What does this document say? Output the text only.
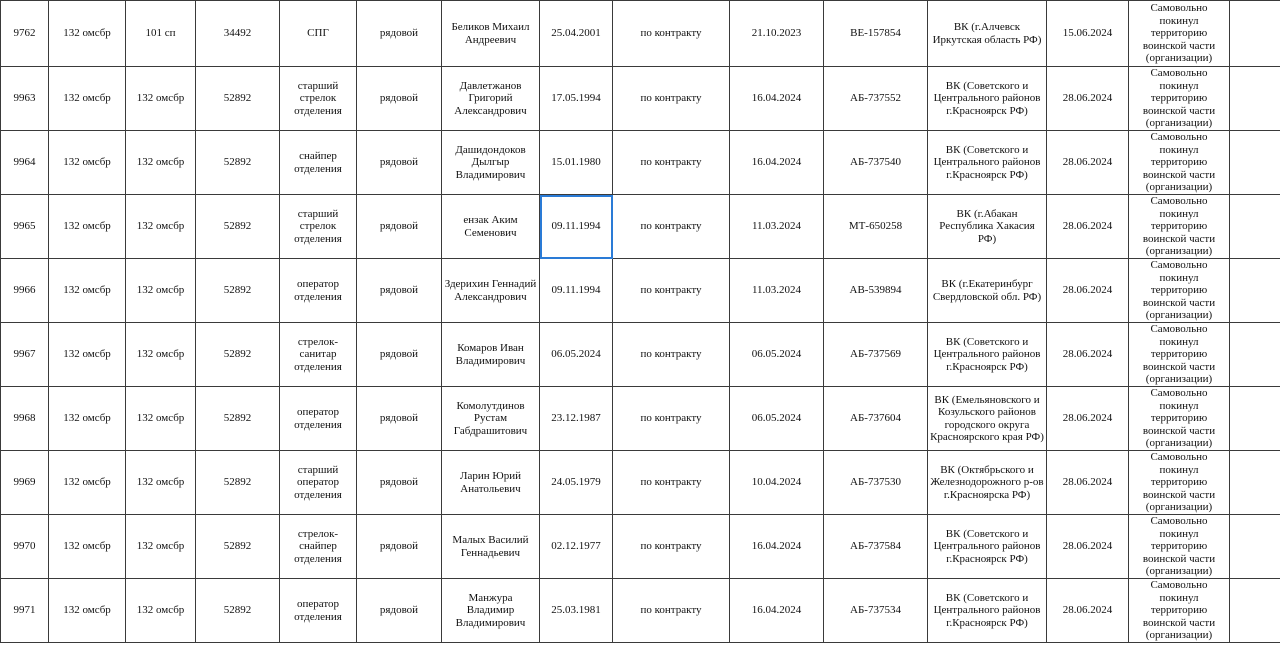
9762	132 омсбр	101 сп	34492	СПГ	рядовой	Беликов Михаил Андреевич	25.04.2001	по контракту	21.10.2023	ВЕ-157854	ВК (г.Алчевск Иркутская область РФ)	15.06.2024	Самовольно покинул территорию воинской части (организации)	
9963	132 омсбр	132 омсбр	52892	старший стрелок отделения	рядовой	Давлетжанов Григорий Александрович	17.05.1994	по контракту	16.04.2024	АБ-737552	ВК (Советского и Центрального районов г.Красноярск РФ)	28.06.2024	Самовольно покинул территорию воинской части (организации)	
9964	132 омсбр	132 омсбр	52892	снайпер отделения	рядовой	Дашидондоков Дылгыр Владимирович	15.01.1980	по контракту	16.04.2024	АБ-737540	ВК (Советского и Центрального районов г.Красноярск РФ)	28.06.2024	Самовольно покинул территорию воинской части (организации)	
9965	132 омсбр	132 омсбр	52892	старший стрелок отделения	рядовой	ензак Аким Семенович	09.11.1994	по контракту	11.03.2024	МТ-650258	ВК (г.Абакан Республика Хакасия РФ)	28.06.2024	Самовольно покинул территорию воинской части (организации)	
9966	132 омсбр	132 омсбр	52892	оператор отделения	рядовой	Здерихин Геннадий Александрович	09.11.1994	по контракту	11.03.2024	АВ-539894	ВК (г.Екатеринбург Свердловской обл. РФ)	28.06.2024	Самовольно покинул территорию воинской части (организации)	
9967	132 омсбр	132 омсбр	52892	стрелок-санитар отделения	рядовой	Комаров Иван Владимирович	06.05.2024	по контракту	06.05.2024	АБ-737569	ВК (Советского и Центрального районов г.Красноярск РФ)	28.06.2024	Самовольно покинул территорию воинской части (организации)	
9968	132 омсбр	132 омсбр	52892	оператор отделения	рядовой	Комолутдинов Рустам Габдрашитович	23.12.1987	по контракту	06.05.2024	АБ-737604	ВК (Емельяновского и Козульского районов городского округа Красноярского края РФ)	28.06.2024	Самовольно покинул территорию воинской части (организации)	
9969	132 омсбр	132 омсбр	52892	старший оператор отделения	рядовой	Ларин Юрий Анатольевич	24.05.1979	по контракту	10.04.2024	АБ-737530	ВК (Октябрьского и Железнодорожного р-ов г.Красноярска РФ)	28.06.2024	Самовольно покинул территорию воинской части (организации)	
9970	132 омсбр	132 омсбр	52892	стрелок-снайпер отделения	рядовой	Малых Василий Геннадьевич	02.12.1977	по контракту	16.04.2024	АБ-737584	ВК (Советского и Центрального районов г.Красноярск РФ)	28.06.2024	Самовольно покинул территорию воинской части (организации)	
9971	132 омсбр	132 омсбр	52892	оператор отделения	рядовой	Манжура Владимир Владимирович	25.03.1981	по контракту	16.04.2024	АБ-737534	ВК (Советского и Центрального районов г.Красноярск РФ)	28.06.2024	Самовольно покинул территорию воинской части (организации)	
